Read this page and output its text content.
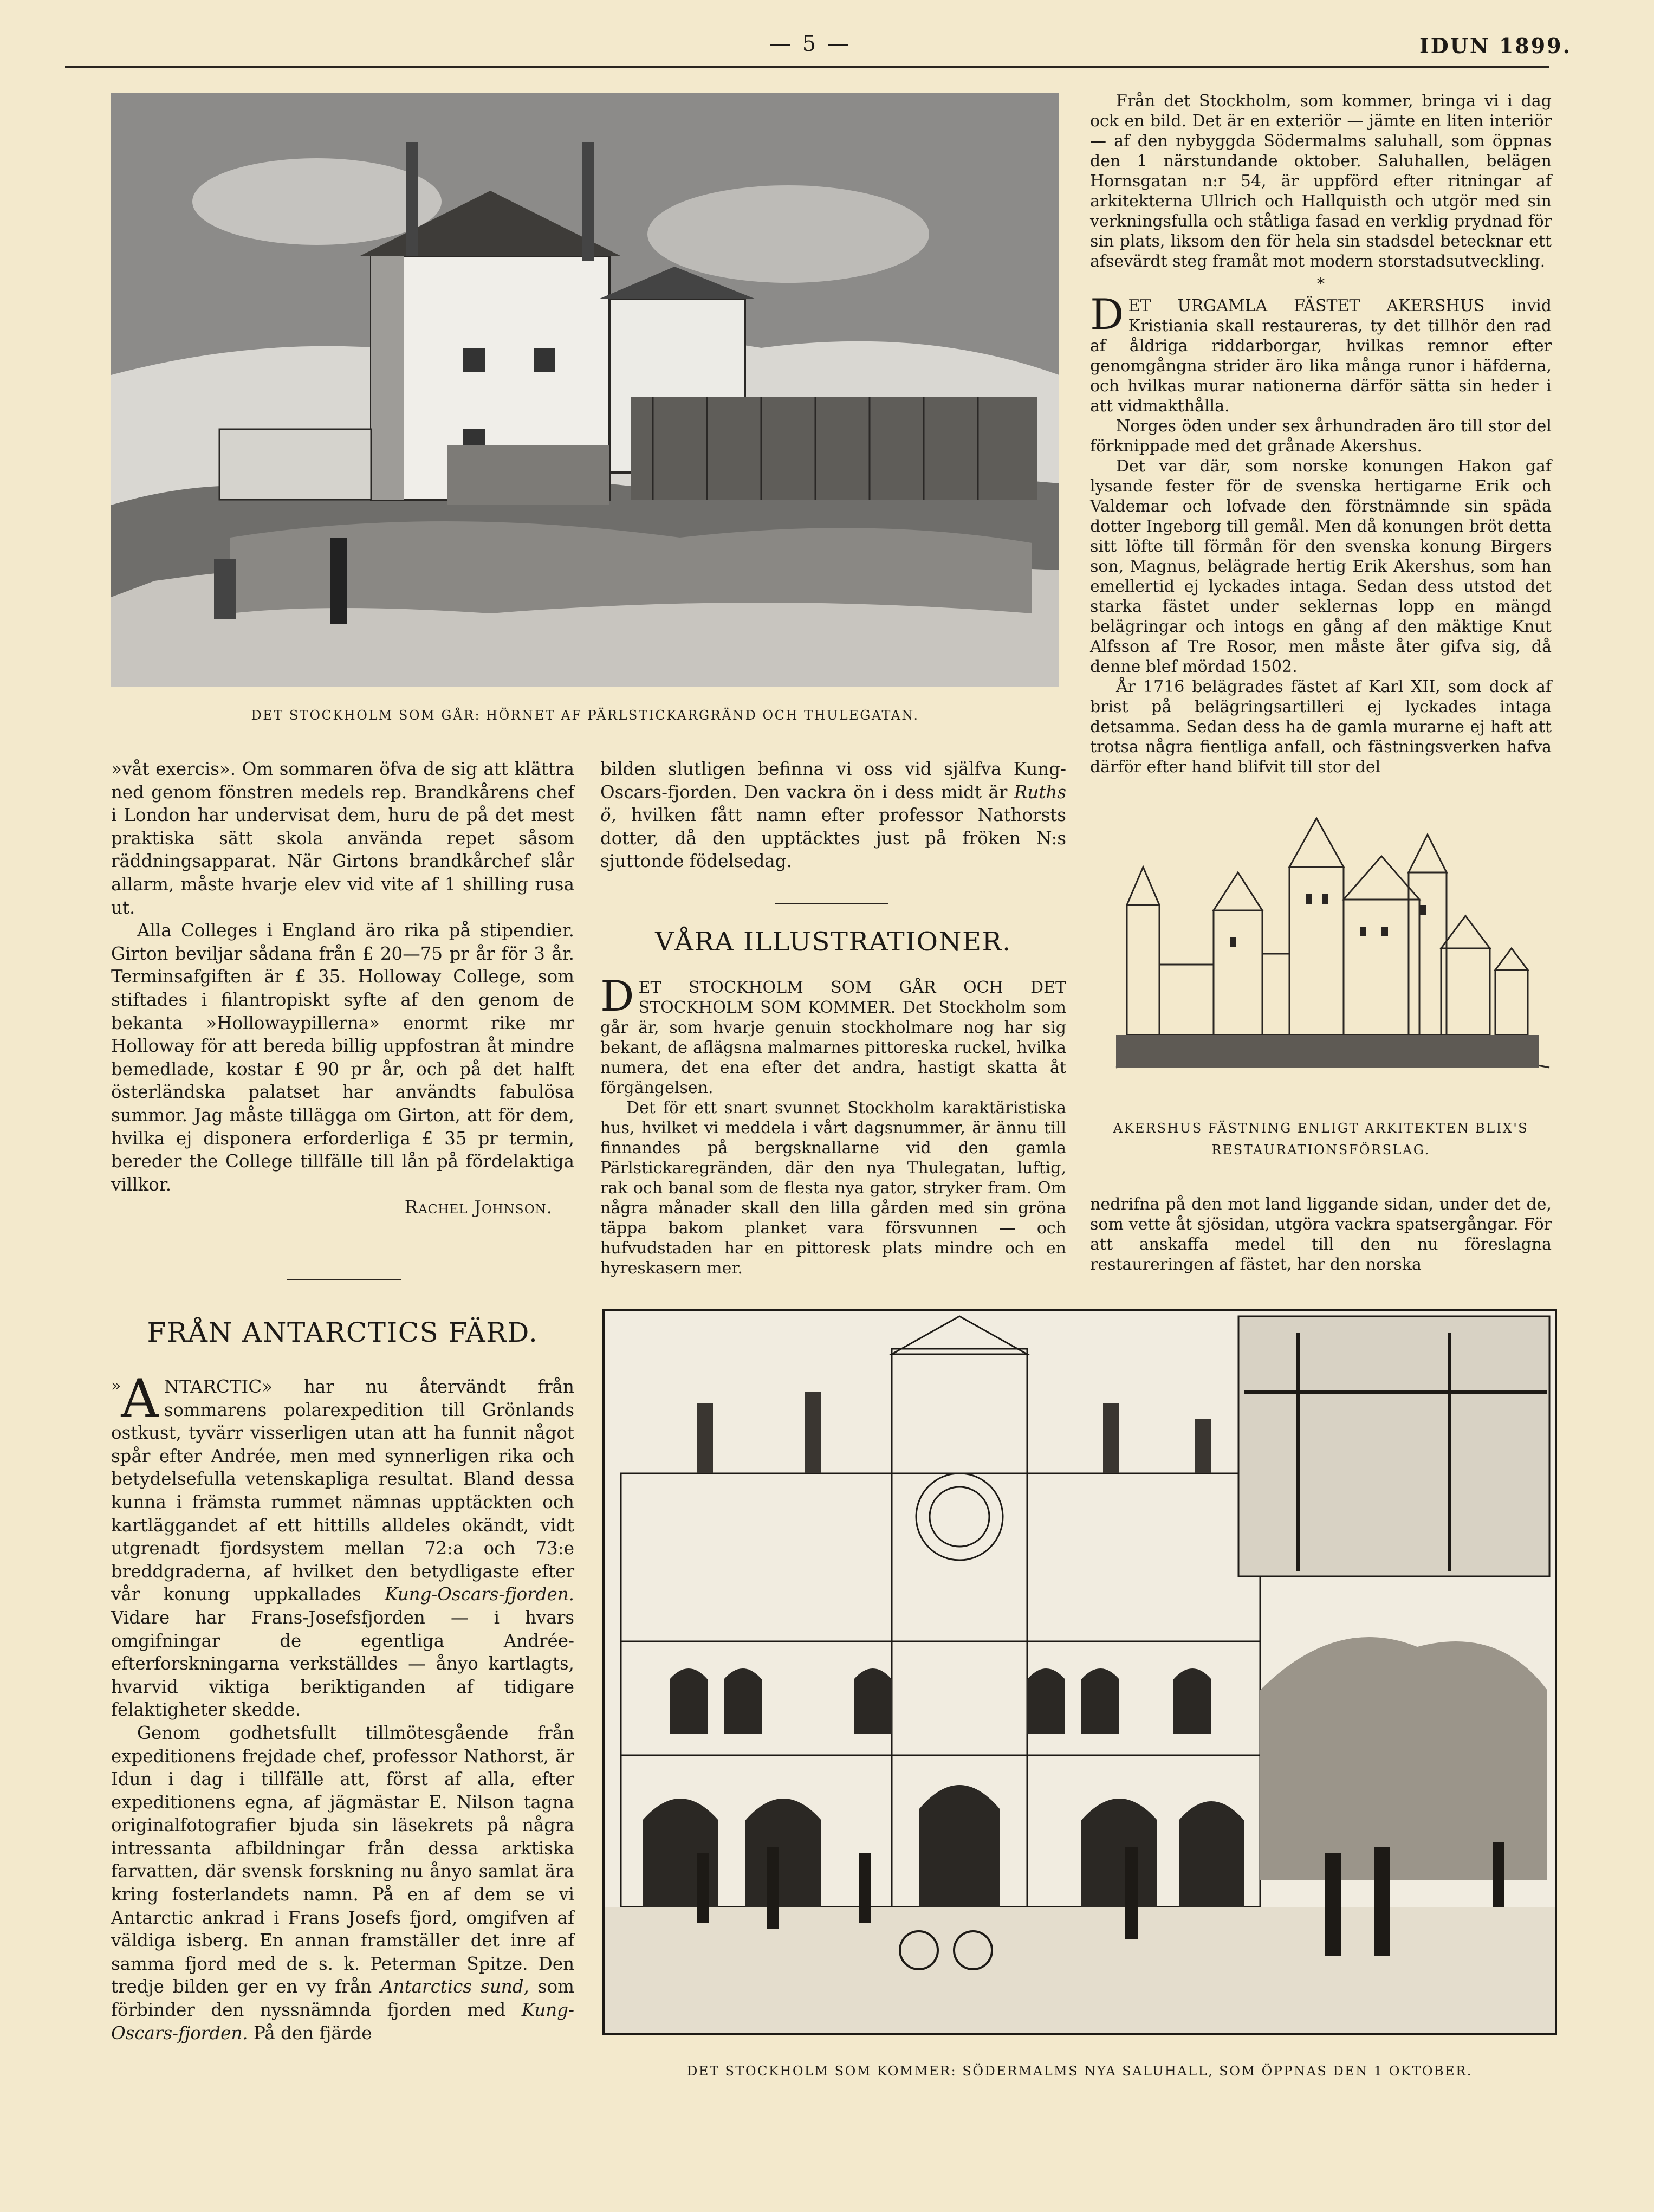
— 5 —	IDUN 1899.
DET STOCKHOLM SOM GÅR: HÖRNET AF PÄRLSTICKARGRÄND OCH THULEGATAN.

»våt exercis». Om sommaren öfva de sig att klättra ned genom fönstren medels rep. Brandkårens chef i London har undervisat dem, huru de på det mest praktiska sätt skola använda repet såsom räddningsapparat. När Girtons brandkårchef slår allarm, måste hvarje elev vid vite af 1 shilling rusa ut.

Alla Colleges i England äro rika på stipendier. Girton beviljar sådana från £ 20—75 pr år för 3 år. Terminsafgiften är £ 35. Holloway College, som stiftades i filantropiskt syfte af den genom de bekanta »Hollowaypillerna» enormt rike mr Holloway för att bereda billig uppfostran åt mindre bemedlade, kostar £ 90 pr år, och på det halft österländska palatset har användts fabulösa summor. Jag måste tillägga om Girton, att för dem, hvilka ej disponera erforderliga £ 35 pr termin, bereder the College tillfälle till lån på fördelaktiga villkor.

Rachel Johnson.
FRÅN ANTARCTICS FÄRD.

» A NTARCTIC» har nu återvändt från sommarens polarexpedition till Grönlands ostkust, tyvärr visserligen utan att ha funnit något spår efter Andrée, men med synnerligen rika och betydelsefulla vetenskapliga resultat. Bland dessa kunna i främsta rummet nämnas upptäckten och kartläggandet af ett hittills alldeles okändt, vidt utgrenadt fjordsystem mellan 72:a och 73:e breddgraderna, af hvilket den betydligaste efter vår konung uppkallades Kung-Oscars-fjorden. Vidare har Frans-Josefsfjorden — i hvars omgifningar de egentliga Andrée-efterforskningarna verkställdes — ånyo kartlagts, hvarvid viktiga beriktiganden af tidigare felaktigheter skedde.

Genom godhetsfullt tillmötesgående från expeditionens frejdade chef, professor Nathorst, är Idun i dag i tillfälle att, först af alla, efter expeditionens egna, af jägmästar E. Nilson tagna originalfotografier bjuda sin läsekrets på några intressanta afbildningar från dessa arktiska farvatten, där svensk forskning nu ånyo samlat ära kring fosterlandets namn. På en af dem se vi Antarctic ankrad i Frans Josefs fjord, omgifven af väldiga isberg. En annan framställer det inre af samma fjord med de s. k. Peterman Spitze. Den tredje bilden ger en vy från Antarctics sund, som förbinder den nyssnämnda fjorden med Kung-Oscars-fjorden. På den fjärde

bilden slutligen befinna vi oss vid själfva Kung-Oscars-fjorden. Den vackra ön i dess midt är Ruths ö, hvilken fått namn efter professor Nathorsts dotter, då den upptäcktes just på fröken N:s sjuttonde födelsedag.

VÅRA ILLUSTRATIONER.

DET STOCKHOLM SOM GÅR OCH DET STOCKHOLM SOM KOMMER. Det Stockholm som går är, som hvarje genuin stockholmare nog har sig bekant, de aflägsna malmarnes pittoreska ruckel, hvilka numera, det ena efter det andra, hastigt skatta åt förgängelsen.

Det för ett snart svunnet Stockholm karaktäristiska hus, hvilket vi meddela i vårt dagsnummer, är ännu till finnandes på bergsknallarne vid den gamla Pärlstickaregränden, där den nya Thulegatan, luftig, rak och banal som de flesta nya gator, stryker fram. Om några månader skall den lilla gården med sin gröna täppa bakom planket vara försvunnen — och hufvudstaden har en pittoresk plats mindre och en hyreskasern mer.

Från det Stockholm, som kommer, bringa vi i dag ock en bild. Det är en exteriör — jämte en liten interiör — af den nybyggda Södermalms saluhall, som öppnas den 1 närstundande oktober. Saluhallen, belägen Hornsgatan n:r 54, är uppförd efter ritningar af arkitekterna Ullrich och Hallquisth och utgör med sin verkningsfulla och ståtliga fasad en verklig prydnad för sin plats, liksom den för hela sin stadsdel betecknar ett afsevärdt steg framåt mot modern storstadsutveckling.

*

DET URGAMLA FÄSTET AKERSHUS invid Kristiania skall restaureras, ty det tillhör den rad af åldriga riddarborgar, hvilkas remnor efter genomgångna strider äro lika många runor i häfderna, och hvilkas murar nationerna därför sätta sin heder i att vidmakthålla.

Norges öden under sex århundraden äro till stor del förknippade med det grånade Akershus.

Det var där, som norske konungen Hakon gaf lysande fester för de svenska hertigarne Erik och Valdemar och lofvade den förstnämnde sin späda dotter Ingeborg till gemål. Men då konungen bröt detta sitt löfte till förmån för den svenska konung Birgers son, Magnus, belägrade hertig Erik Akershus, som han emellertid ej lyckades intaga. Sedan dess utstod det starka fästet under seklernas lopp en mängd belägringar och intogs en gång af den mäktige Knut Alfsson af Tre Rosor, men måste åter gifva sig, då denne blef mördad 1502.

År 1716 belägrades fästet af Karl XII, som dock af brist på belägringsartilleri ej lyckades intaga detsamma. Sedan dess ha de gamla murarne ej haft att trotsa några fientliga anfall, och fästningsverken hafva därför efter hand blifvit till stor del

AKERSHUS FÄSTNING ENLIGT ARKITEKTEN BLIX'S
RESTAURATIONSFÖRSLAG.

nedrifna på den mot land liggande sidan, under det de, som vette åt sjösidan, utgöra vackra spatsergångar. För att anskaffa medel till den nu föreslagna restaureringen af fästet, har den norska

DET STOCKHOLM SOM KOMMER: SÖDERMALMS NYA SALUHALL, SOM ÖPPNAS DEN 1 OKTOBER.
